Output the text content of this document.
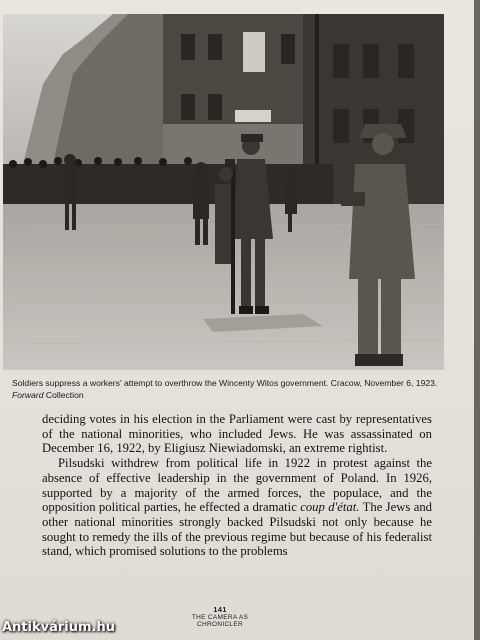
Soldiers suppress a workers' attempt to overthrow the Wincenty Witos government. Cracow, November 6, 1923. Forward Collection

deciding votes in his election in the Parliament were cast by representatives of the national minorities, who included Jews. He was assassinated on December 16, 1922, by Eligiusz Niewiadomski, an extreme rightist.

Pilsudski withdrew from political life in 1922 in protest against the absence of effective leadership in the government of Poland. In 1926, supported by a majority of the armed forces, the populace, and the opposition political parties, he effected a dramatic coup d'état. The Jews and other national minorities strongly backed Pilsudski not only because he sought to remedy the ills of the previous regime but because of his federalist stand, which promised solutions to the problems

141
THE CAMERA AS
CHRONICLER
Antikvárium.hu
